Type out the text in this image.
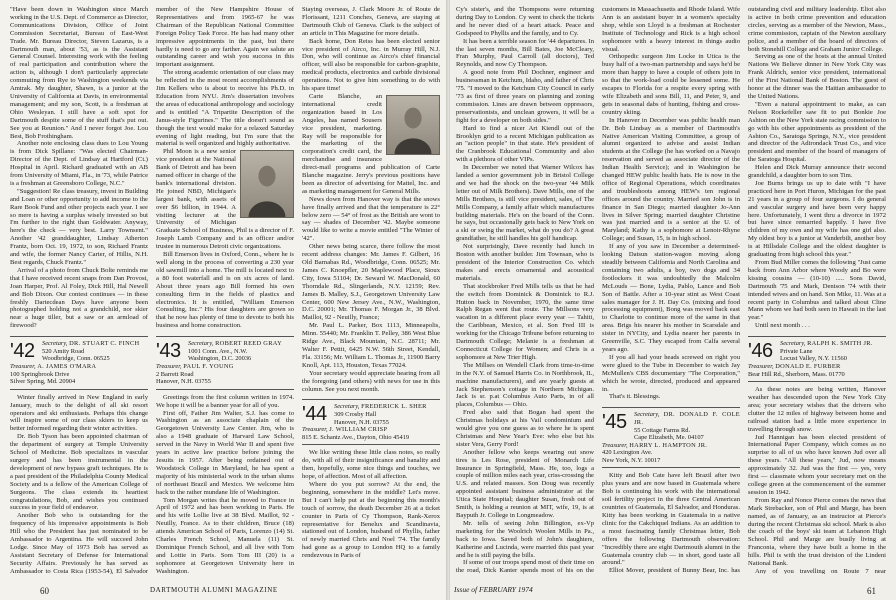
"Have been down in Washington since March working in the U.S. Dept. of Commerce as Director, Communications Division, Office of Joint Commission Secretariat, Bureau of East-West Trade. Mr. Bureau Director, Steven Lazarus, is a Dartmouth man, about '53, as is the Assistant General Counsel. Interesting work with the feeling of real participation and contribution where the action is, although I don't particularly appreciate commuting from Rye to Washington weekends via Amtrak. My daughter, Shawn, is a junior at the University of California at Davis, in environmental management; and my son, Scott, is a freshman at Ohio Wesleyan. I still have a soft spot for Dartmouth despite some of the stuff that's put out. See you at Reunion." And I never forgot Joe. Lou Best, Bob Frothingham.

Another note enclosing class dues to Lou Young is from Dick Spillane: "Was elected Chairman-Director of the Dept. of Lindsay at Hartford (Ct.) Hospital in April. Richard graduated with an AB from University of Miami, Fla., in '73, while Patrice is a freshman at Greensboro College, N.C."

"Suggestion! Re class treasury, invest in Building and Loan or other opportunity to add income to the Rare Book Fund and other projects each year. I see so mere is having a surplus wisely invested so but I'm further to the right than Goldwater. Anyway, here's the check — very best. Larry Townsent." Another '42 granddaughter, Lindsay Atherton Frantz, born Oct. 19, 1972, to son, Richard Frantz and wife, the former Nancy Carter, of Hillis, N.H. Best regards, Chuck Frantz."

Arrival of a photo from Chuck Bolte reminds me that I have received recent snaps from Dan Provost, Joan Harper, Prof. Al Foley, Dick Hill, Hal Newell and Bob Dixon. Our contest continues — in these freshly Dartecdean Days have anyone been photographed holding not a grandchild, nor skier near a huge tiller, but a saw or an armload of firewood?

'42	Secretary, DR. STUART C. FINCH
520 Amity Road
Woodbridge, Conn. 06525
Treasurer, A. JAMES O'MARA
100 Springbrook Drive
Silver Spring, Md. 20904

Winter finally arrived in New England in early January, much to the delight of all ski resort operators and ski enthusiasts. Perhaps this change will inspire some of our class skiers to keep us better informed regarding their winter activities.

Dr. Bob Tyson has been appointed chairman of the department of surgery at Temple University School of Medicine. Bob specializes in vascular surgery and has been instrumental in the development of new bypass graft techniques. He is a past president of the Philadelphia County Medical Society and is a fellow of the American College of Surgeons. The class extends its heartiest congratulations, Bob, and wishes you continued success in your field of endeavor.

Another Bob who is outstanding for the frequency of his impressive appointments is Bob Hill who the President has just nominated to be Ambassador to Argentina. He will succeed John Lodge. Since May of 1973 Bob has served as Assistant Secretary of Defense for International Security Affairs. Previously he has served as Ambassador to Costa Rica (1953-54), El Salvador

member of the New Hampshire House of Representatives and from 1965-67 he was Chairman of the Republican National Committee Foreign Policy Task Force. He has had many other impressive appointments in the past, but there hardly is need to go any farther. Again we salute an outstanding career and wish you success in this important assignment.

The strong academic orientation of our class may be reflected in the most recent accomplishments of Jim Kellers who is about to receive his Ph.D. in Education from NYU. Jim's dissertation involves the areas of educational anthropology and sociology and is entitled "A Tripartite Description of the Janus-style Figurines." The title doesn't sound as though the text would make for a relaxed Saturday evening of light reading, but I'm sure that the material is well organized and highly authoritative.

Phil Moon is a new senior vice president at the National Bank of Detroit and has been named officer in charge of the bank's international division. He joined NBD, Michigan's largest bank, with assets of over $6 billion, in 1944. A visiting lecturer at the University of Michigan Graduate School of Business, Phil is a director of F. Joseph Lamb Company and is an officer and/or trustee in numerous Detroit civic organizations.

Bill Emerson lives in Oxford, Conn., where he is well along in the process of converting a 230 year old sawmill into a home. The mill is located next to a 80 foot waterfall and is on six acres of land. About three years ago Bill formed his own consulting firm in the fields of plastics and electronics. It is entitled, "William Emerson Consulting, Inc." His four daughters are grown so that he now has plenty of time to devote to both his business and home construction.

'43	Secretary, ROBERT REED GRAY
1001 Conn. Ave., N.W.
Washington, D.C. 20036
Treasurer, PAUL F. YOUNG
2 Barrett Road
Hanover, N.H. 03755

Greetings from the first column written in 1974. We hope it will be a banner year for all of you.

First off, Father Jim Walter, S.J. has come to Washington as an associate chaplain of the Georgetown University Law Center. Jim, who is also a 1948 graduate of Harvard Law School, served in the Navy in World War II and spent five years in active law practice before joining the Jesuits in 1957. After being ordained out of Woodstock College in Maryland, he has spent a majority of his ministerial work in the urban slums of northeast Brazil and Mexico. We welcome him back to the rather mundane life of Washington.

Tom Morgan writes that he moved to France in April of 1972 and has been working in Paris. He and his wife Lollie live at 38 Blvd. Maillot, 92 - Neuilly, France. As to their children, Bruce (18) attends American School of Paris, Lorenzo (14) St. Charles French School, Manuela (11) St. Dominique French School, and all live with Tom and Lottie in Paris. Som Tom III (20) is a sophomore at Georgetown University here in Washington.

Staying overseas, J. Clark Moore Jr. of Route de Florissant, 1211 Conches, Geneva, are staying at Dartmouth Club of Geneva. Clark is the subject of an article in This Magazine for more details.

Back home, Don Reiss has been elected senior vice president of Airco, Inc. in Murray Hill, N.J. Don, who will continue as Airco's chief financial officer, will also be responsible for carbon-graphite, medical products, electronics and carbide divisional operations. Not to give him something to do with his spare time!

Carte Blanche, an international credit organization based in Los Angeles, has named Sousers vice president, marketing. Ray will be responsible for the marketing of the corporation's credit card, the merchandise and insurance direct-mail programs and publication of Carte Blanche magazine. Jerry's previous positions have been as director of advertising for Mattel, Inc. and as marketing management for General Mills.

News down from Hanover way is that the snows have finally arrived and that the temperature is 22° below zero — 54° of frost as the British are wont to say — shades of December '42. Maybe someone would like to write a movie entitled "The Winter of '42".

Other news being scarce, there follow the most recent address changes: Mr. James F. Gilbert, 16 Old Barnabas Rd., Woodbridge, Conn. 06525; Mr. James C. Knoepfler, 20 Maplewood Place, Sioux City, Iowa 51104; Dr. Seward W. MacDonald, 60 Thorndale Rd., Slingerlands, N.Y. 12159; Rev. James B. Malley, S.J., Georgetown University Law Center, 600 New Jersey Ave., N.W., Washington, D.C. 20001; Mr. Thomas F. Morgan Jr., 38 Blvd. Maillot, 92 - Neuilly, France;

Mr. Paul L. Parker, Box 1113, Minneapolis, Minn. 55440; Mr. Franklin T. Pelley, 386 West Blue Ridge Ave., Black Mountain, N.C. 28711; Mr. Walter F. Pettit, 6425 N.W. 56th Street, Kendall, Fla. 33156; Mr. William L. Thomas Jr., 11900 Barry Knoll, Apt. 113, Houston, Texas 77024.

Your secretary would appreciate hearing from all the foregoing (and others) with news for use in this column. See you next month.

'44	Secretary, FREDERICK L. SHER
309 Crosby Hall
Hanover, N.H. 03755
Treasurer, J. WILLIAM CRISP
815 E. Schantz Ave., Dayton, Ohio 45419

We like writing these little class notes, so really do, with all of their insignificance and banality and then, hopefully, some nice things and touches, we hope, of affection. Most of all affection.

Where do you put sorrow? At the end, the beginning, somewhere in the middle? Let's move. But I can't help put at the beginning this month's touch of sorrow, the death December 26 at a ticket counter in Paris of Cy Thompson, Rank-Xerox representative for Benelux and Scandinavia, stationed out of London, husband of Phyllis, father of newly married Chris and Noel '74. The family had gone as a group to London HQ to a family rendezvous in Paris of

60	DARTMOUTH ALUMNI MAGAZINE

Cy's sister's, and the Thompsons were returning during Day to London. Cy went to check the tickets and he never died of a heart attack. Peace and Godspeed to Phyllis and the family, and to Cy.

It has been a terrible season for '44 departures. In the last seven months, Bill Bates, Joe McCleary, Fran Murphy, Paul Carroll (all doctors), Ted Reynolds, and now Cy Thompson.

A good note from Phil Dochner, engineer and businessman in Ketchum, Idaho, and father of Chris '75. "I moved to the Ketchum City Council in early '73 as first of three years on planning and zoning commission. Lines are drawn between oppressors, preservationists, and unclean growers, it will be a fight for a developer on both sides."

Hard to find a nicer Art Kiendl out of the Brooklyn grid to a recent Michigan publication as an "action people" in that state. He's president of the Cranbrook Educational Community and also with a plethora of other VIPs.

In December we noted that Warner Wilcox has landed a senior government job in Bristol College and we had the shock on the two-year '44 Milk letter out of Milk Brothers). Dave Mills, one of the Mills Brothers, is still vice president, sales, of The Mills Company, a family affair which manufactures building materials. He's on the board of the Conn. he says, but occasionally gets back to New York on a ski or swing the market, what do you do? A great grandfather, he still handles his golf handicap.

Not surprisingly, Dave recently had lunch in Boston with another builder. Jim Townsan, who is president of the Interior Construction Co. which makes and erects ornamental and acoustical materials.

That stockbroker Fred Mills tells us that he had the switch from Dominick & Dominick to R.J. Hutton back in November, 1970, the same time Ralph Regan went that route. The Millsons very vacation in a different place every year — Tahiti, the Caribbean, Mexico, et al. Son Fred III is working for the Chicago Tribune before returning to Dartmouth College; Melanie is a freshman at Connecticut College for Women; and Chris is a sophomore at New Trier High.

The Millses on Wendell Clark from time-to-time in the N.Y. of Samuel Harris Co. in Northbrook, IL, machine manufacturers), and are yearly guests at Jack Stephenson's cottage in Northern Michigan. Jack is sr. p.at Columbus Auto Parts, in of all places, Columbus — Ohio.

Fred also said that Bogan had spent the Christmas holidays at his Vail condominium and would give you one guess as to where he is spent Christmas and New Year's Eve: who else but his sister Vera, Gerry Ford!

Another fellow who keeps wearing out snow tires is Les Rose, president of Monarch Life Insurance in Springfield, Mass. He, too, logs a couple of million miles each year, criss-crossing the U.S. and related masses. Son Doug was recently appointed assistant business administrator at the Utica State Hospital; daughter Susan, fresh out of Smith, is holding a reunion at MIT, wife, 19, is at Bayputh Jr. College in Longmeadow.

Mr. tells of seeing John Billington, ex-Vp marketing for the Woolrich Woolen Mills in Pa., back to Iowa. Saved both of John's daughters, Katherine and Lucinda, were married this past year and he is still paying the bills.

If some of our troops spend most of their time on the road, Dick Kanter spends most of his on the

customers in Massachusetts and Rhode Island. Wife Ann is an assistant buyer in a women's specialty shop, while son Lloyd is a freshman at Rochester Institute of Technology and Rick is a high school sophomore with a heavy interest in things audio visual.

Orthopedic surgeon Jim Locke in Utica is the busy half of a two-man partnership and says he'd be more than happy to have a couple of others join in so that the work-load could be lessened some. He escapes to Florida for a respite every spring with wife Elizabeth and sons Bill, 11, and Peter, 9, and gets in seasonal dabs of hunting, fishing and cross-country skiing.

In Hanover in December was public health man Dr. Bob Lindsay as a member of Dartmouth's Native American Visiting Committee, a group of alumni organized to advise and assist Indian students at the College (he has worked on a Navajo reservation and served as associate director of the Indian Health Service); and in Washington he changed HEW public health hats. He is now in the office of Regional Operations, which coordinates and troubleshoots among HEW's ten regional offices around the country. Married son John is in finance in San Diego; married daughter Jo-Ann lives in Silver Spring; married daughter Christine was just married and is a senior at the U. of Maryland; Kathy is a sophomore at Lenoir-Rhyne College; and Susan, 15, is in high school.

If any of you saw in December a determined-looking Datsun station-wagon moving along steadily between California and North Carolina and containing two adults, a boy, two dogs and 34 footlockers it was undoubtedly the Malcolm McLouds — Bone, Lydia, Pablo, Lance and Bob Son of Battle. After a 10-year stint as West Coast sales manager for J. H. Day Co. (mixing and food processing equipment), Bong was moved back east to Charlotte to continue more of the same in that area. Brigs his nearer his mother in Scarsdale and sister in NYCity, and Lydia nearer her parents in Greenville, S.C. They escaped from Calfa several years ago.

If you all had your heads screwed on right you were glued to the Tube in December to watch Jay McMullen's CBS documentary "The Corporation," which he wrote, directed, produced and appeared in.

That's it. Blessings.

'45	Secretary, DR. DONALD F. COLE JR.
55 Cottage Farms Rd.
Cape Elizabeth, Me. 04107
Treasurer, HARRY L. HAMPTON JR.
420 Lexington Ave.
New York, N.Y. 10017

Kitty and Bob Cate have left Brazil after two plus years and are now based in Guatemala where Bob is continuing his work with the international soil fertility project in the three Central American countries of Guatemala, El Salvador, and Honduras. Kitty has been working in Guatemala in a native clinic for the Cakchiquel Indians. As an addition to a most fascinating family Christmas letter, Bob offers the following Dartmouth observation: "Incredibly there are eight Dartmouth alumni in the Guatemala country club — in short, good taste all around."

Elliot Mover, president of Bunny Bear, Inc. has

outstanding civil and military leadership. Eliot also is active in both crime prevention and education circles, serving as a member of the Newton, Mass., crime commission, captain of the Newton auxiliary police, and a member of the board of directors of both Stonehill College and Graham Junior College.

Serving as one of the hosts at the annual United Nations We Believe dinner in New York City was Frank Aldrich, senior vice president, international of the First National Bank of Boston. The guest of honor at the dinner was the Haitian ambassador to the United Nations.

"Even a natural appointment to make, as can Nelson Rockefeller saw fit to put Bonkie Joe Ashton on the New York state racing commission to go with his other appointments as president of the Ashton Co., Saratoga Springs, N.Y., vice president and director of the Adirondack Trust Co., and vice president and member of the board of managers of the Saratoga Hospital.

Helen and Dick Murray announce their second grandchild, a daughter born to son Tim.

Joe Burns brings us up to date with "I have practiced here in Port Huron, Michigan for the past 21 years in a group of four surgeons. I do general and vascular surgery and have been very happy here. Unfortunately, I went thru a divorce in 1972 but have since remarried happily. I have five children of my own and my wife has one girl also. My oldest boy is a junior at Vanderbilt, another boy is at Hillsdale College and the oldest daughter is graduating from high school this year."

From Bud Miller comes the following "Just came back from Ann Arbor where Woody and Bo were kissing cousins — (10-10) ..... Sons David, Dartmouth '75 and Mark, Denison '74 with their intended wives and on hand. Son Mike, 11. Was at a recent party in Columbus and talked about Cline Mann whom we had both seen in Hawaii in the last year."

Until next month . . .

'46	Secretary, RALPH K. SMITH JR.
Private Lane
Locust Valley, N.Y. 11560
Treasurer, DONALD E. FURBER
Bear Hill Rd., Sherborn, Mass. 01770

As these notes are being written, Hanover weather has descended upon the New York City area; your secretary wishes that the drivers who clutter the 12 miles of highway between home and railroad station had a little more experience in travelling through snow.

Jud Hannigan has been elected president of International Paper Company, which comes as no surprise to all of us who have known Jud over all these years. "All these years," Jud, now means approximately 32. Jud was the first — yes, very first — classmate whom your secretary met on the college green at the commencement of the summer session in 1942.

From Ray and Nonce Pierce comes the news that Mark Strebacker, son of Phil and Marge, has been named, as of January, as an instructor at Pierce's during the recent Christmas ski school. Mark is also the coach of the boys' ski team at Lebanon High School. Phil and Marge are busily living at Franconia, where they have built a home in the hills. Phil is with the trust division of the Lindeni National Bank.

Any of you travelling on Route 7 near

Issue of FEBRUARY 1974	61
